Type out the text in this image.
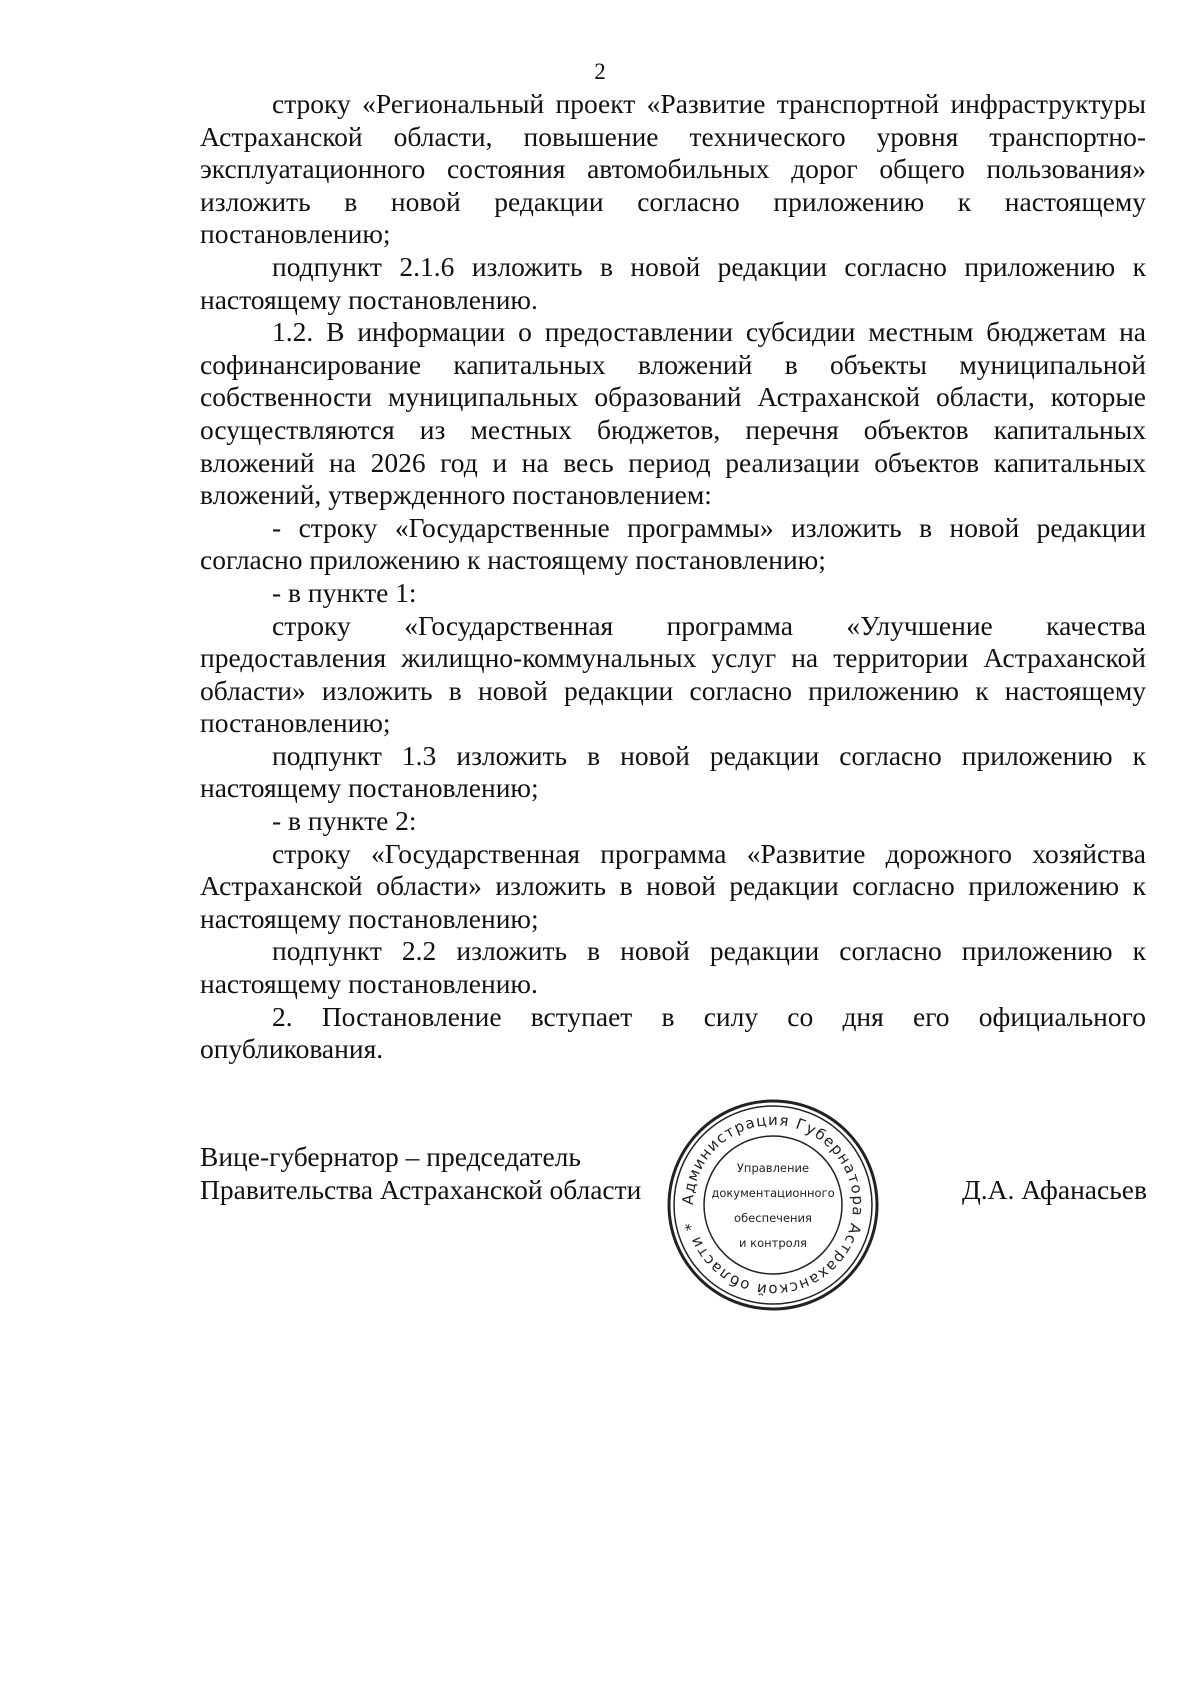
2

строку «Региональный проект «Развитие транспортной инфраструктуры Астраханской области, повышение технического уровня транспортно-эксплуатационного состояния автомобильных дорог общего пользования» изложить в новой редакции согласно приложению к настоящему постановлению;

подпункт 2.1.6 изложить в новой редакции согласно приложению к настоящему постановлению.

1.2. В информации о предоставлении субсидии местным бюджетам на софинансирование капитальных вложений в объекты муниципальной собственности муниципальных образований Астраханской области, которые осуществляются из местных бюджетов, перечня объектов капитальных вложений на 2026 год и на весь период реализации объектов капитальных вложений, утвержденного постановлением:

- строку «Государственные программы» изложить в новой редакции согласно приложению к настоящему постановлению;

- в пункте 1:

строку «Государственная программа «Улучшение качества предоставления жилищно-коммунальных услуг на территории Астраханской области» изложить в новой редакции согласно приложению к настоящему постановлению;

подпункт 1.3 изложить в новой редакции согласно приложению к настоящему постановлению;

- в пункте 2:

строку «Государственная программа «Развитие дорожного хозяйства Астраханской области» изложить в новой редакции согласно приложению к настоящему постановлению;

подпункт 2.2 изложить в новой редакции согласно приложению к настоящему постановлению.

2. Постановление вступает в силу со дня его официального опубликования.

Вице-губернатор – председатель
Правительства Астраханской области	Д.А. Афанасьев
Администрация Губернатора Астраханской области *
Управление
документационного
обеспечения
и контроля
